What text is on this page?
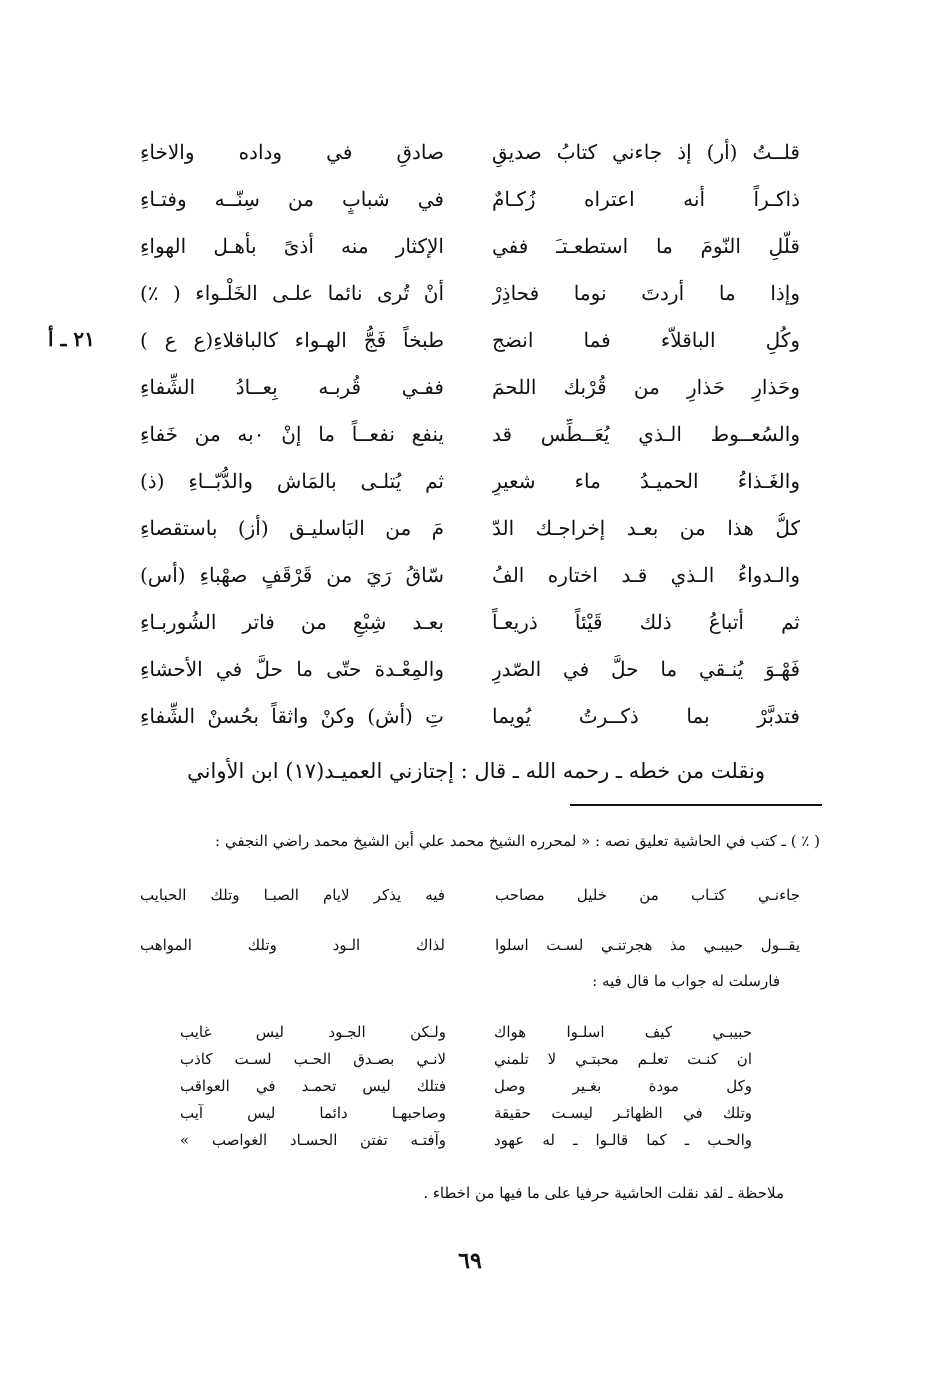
قلــتُ (أر) إذ جاءني كتابُ صديقٍ
صادقٍ في وداده والاخاءِ
ذاكـراً أنه اعتراه زُكـامٌ
في شبابٍ من سِنّــه وفتـاءِ
قلّلِ النّومَ ما استطعـتـَ ففي
الإكثار منه أذىً بأهـل الهواءِ
وإذا ما أردتَ نوما فحاذِرْ
أنْ تُرى نائما علـى الخَلْـواء ( ٪)
وكُلِ الباقلاّء فما انضج
طبخاً فَجُّ الهـواء كالباقلاءِ(ع ع )
وحَذارِ حَذارِ من قُرْبك اللحمَ
ففـي قُربـه بِعــادُ الشِّفاءِ
والسُعــوط الـذي يُعَــطِّس قد
ينفع نفعــاً ما إنْ ٠به من خَفاءِ
والغَـذاءُ الحميـدُ ماء شعيرٍ
ثم يُتلـى بالمَاش والدُّبّــاءِ (ذ)
كلُّ هذا من بعـد إخراجـك الدّ
مَ من البَاسليـق (أز) باستقصاءِ
والـدواءُ الـذي قـد اختاره الفُ
سّاقُ رَيَ من قَرْقَفٍ صهْباءِ (أس)
ثم أتباعُ ذلك قَيْئاً ذريعـاً
بعـد شِبْعٍ من فاتر الشُوربـاءِ
فَهْـوَ يُنـقي ما حلَّ في الصّدرِ
والمِعْـدة حتّى ما حلَّ في الأحشاءِ
فتدبَّرْ بما ذكــرتُ يُويما
تِ (أش) وكنْ واثقاً بحُسنْ الشِّفاءِ
٢١ ـ أ
ونقلت من خطه ـ رحمه الله ـ قال : إجتازني العميـد(١٧) ابن الأواني
( ٪ ) ـ كتب في الحاشية تعليق نصه : « لمحرره الشيخ محمد علي أبن الشيخ محمد راضي النجفي :
جاءنـي كتـاب من خليل مصاحب
فيه يذكر لايام الصبـا وتلك الحبايب
يقــول حبيبـي مذ هجرتنـي لسـت اسلوا
لذاك الـود وتلك المواهب
فارسلت له جواب ما قال فيه :
حبيبـي كيف اسلـوا هواك
ولـكن الجـود ليس غايب
ان كنـت تعلـم محبتـي لا تلمني
لانـي بصـدق الحـب لسـت كاذب
وكل مودة بغـير وصل
فتلك ليس تحمـد في العواقب
وتلك في الظهائـر ليسـت حقيقة
وصاحبهـا دائما ليس آيب
والحـب ـ كما قالـوا ـ له عهود
وآفتـه تفتن الحسـاد الغواصب »
ملاحظة ـ لقد نقلت الحاشية حرفيا على ما فيها من اخطاء .
٦٩
